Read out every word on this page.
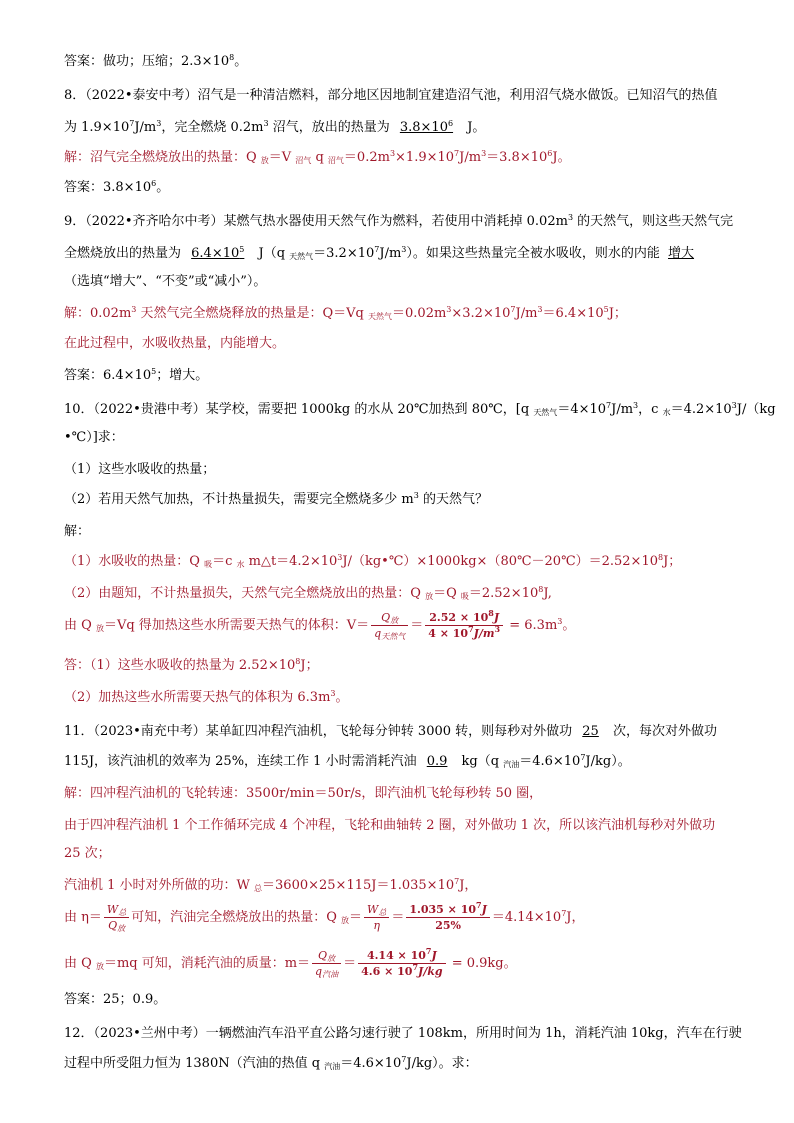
答案：做功；压缩；$2.3\times 10^8$。
8．（2022•泰安中考）沼气是一种清洁燃料，部分地区因地制宜建造沼气池，利用沼气烧水做饭。已知沼气的热值
为 $1.9\times 10^7J/m^3$，完全燃烧 $0.2m^3$ 沼气，放出的热量为 $3.8\times 10^6$ J。
解：沼气完全燃烧放出的热量：Q $_放$＝V $_{沼气}$ q $_{沼气}=0.2m^3\times 1.9\times 10^7J/m^3=3.8\times 10^6J$。
答案：$3.8\times 10^6$。
9．（2022•齐齐哈尔中考）某燃气热水器使用天然气作为燃料，若使用中消耗掉 $0.02m^3$ 的天然气，则这些天然气完
全燃烧放出的热量为 $6.4\times 10^5$ J（q $_{天然气}=3.2\times 10^7J/m^3$）。如果这些热量完全被水吸收，则水的内能 增大
（选填“增大”、“不变”或“减小”）。
解：$0.02m^3$ 天然气完全燃烧释放的热量是：Q＝Vq $_{天然气}=0.02m^3\times 3.2\times 10^7J/m^3=6.4\times 10^5J$；
在此过程中，水吸收热量，内能增大。
答案：$6.4\times 10^5$；增大。
10．（2022•贵港中考）某学校，需要把 1000kg 的水从 20℃加热到 80℃，[q $_{天然气}=4\times 10^7J/m^3$，c $_水=4.2\times 10^3J/(kg$
•℃）]求：
（1）这些水吸收的热量；
（2）若用天然气加热，不计热量损失，需要完全燃烧多少 $m^3$ 的天然气？
解：
（1）水吸收的热量：Q $_吸$＝c $_水$ $m\triangle t=4.2\times 10^3J/(kg•℃)\times 1000kg\times(80℃-20℃)=2.52\times 10^8J$；
（2）由题知，不计热量损失，天然气完全燃烧放出的热量：Q $_放$＝Q $_吸=2.52\times 10^8J$,
由 Q $_放$＝Vq 得加热这些水所需要天热气的体积：$V= \frac{Q_放}{q_{天然气}} = \frac{2.52 \times 10^8J}{4 \times 10^7J/m^3} = 6.3m^3$。
答：（1）这些水吸收的热量为 $2.52\times 10^8J$；
（2）加热这些水所需要天热气的体积为 $6.3m^3$。
11．（2023•南充中考）某单缸四冲程汽油机，飞轮每分钟转 3000 转，则每秒对外做功 25 次，每次对外做功
115J，该汽油机的效率为 25%，连续工作 1 小时需消耗汽油 0.9 kg（q $_{汽油}=4.6\times 10^7J/kg$）。
解：四冲程汽油机的飞轮转速：3500r/min＝50r/s，即汽油机飞轮每秒转 50 圈，
由于四冲程汽油机 1 个工作循环完成 4 个冲程，飞轮和曲轴转 2 圈，对外做功 1 次，所以该汽油机每秒对外做功
25 次；
汽油机 1 小时对外所做的功：W $_总=3600\times 25\times 115J=1.035\times 10^7J$，
由 $\eta= \frac{W_总}{Q_放}$ 可知，汽油完全燃烧放出的热量：Q $_放= \frac{W_总}{\eta} = \frac{1.035 \times 10^7J}{25\%} =4.14\times 10^7J$，
由 Q $_放$＝mq 可知，消耗汽油的质量：$m= \frac{Q_放}{q_{汽油}} = \frac{4.14 \times 10^7J}{4.6 \times 10^7J/kg} = 0.9kg$。
答案：25；0.9。
12．（2023•兰州中考）一辆燃油汽车沿平直公路匀速行驶了 108km，所用时间为 1h，消耗汽油 10kg，汽车在行驶
过程中所受阻力恒为 1380N（汽油的热值 q $_{汽油}=4.6\times 10^7J/kg$）。求：
